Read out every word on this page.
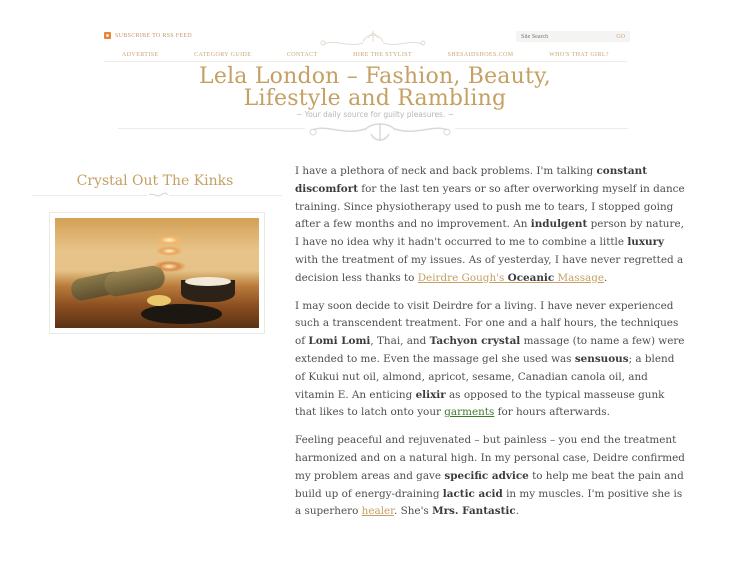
SUBSCRIBE TO RSS FEED
Site Search	GO
ADVERTISE	CATEGORY GUIDE	CONTACT	HIRE THE STYLIST	SHESAIDSHOES.COM	WHO'S THAT GIRL?
Lela London – Fashion, Beauty,
Lifestyle and Rambling
~ Your daily source for guilty pleasures. ~
Crystal Out The Kinks

I have a plethora of neck and back problems. I'm talking constant discomfort for the last ten years or so after overworking myself in dance training. Since physiotherapy used to push me to tears, I stopped going after a few months and no improvement. An indulgent person by nature, I have no idea why it hadn't occurred to me to combine a little luxury with the treatment of my issues. As of yesterday, I have never regretted a decision less thanks to Deirdre Gough's Oceanic Massage.

I may soon decide to visit Deirdre for a living. I have never experienced such a transcendent treatment. For one and a half hours, the techniques of Lomi Lomi, Thai, and Tachyon crystal massage (to name a few) were extended to me. Even the massage gel she used was sensuous; a blend of Kukui nut oil, almond, apricot, sesame, Canadian canola oil, and vitamin E. An enticing elixir as opposed to the typical masseuse gunk that likes to latch onto your garments for hours afterwards.

Feeling peaceful and rejuvenated – but painless – you end the treatment harmonized and on a natural high. In my personal case, Deidre confirmed my problem areas and gave specific advice to help me beat the pain and build up of energy-draining lactic acid in my muscles. I'm positive she is a superhero healer. She's Mrs. Fantastic.
